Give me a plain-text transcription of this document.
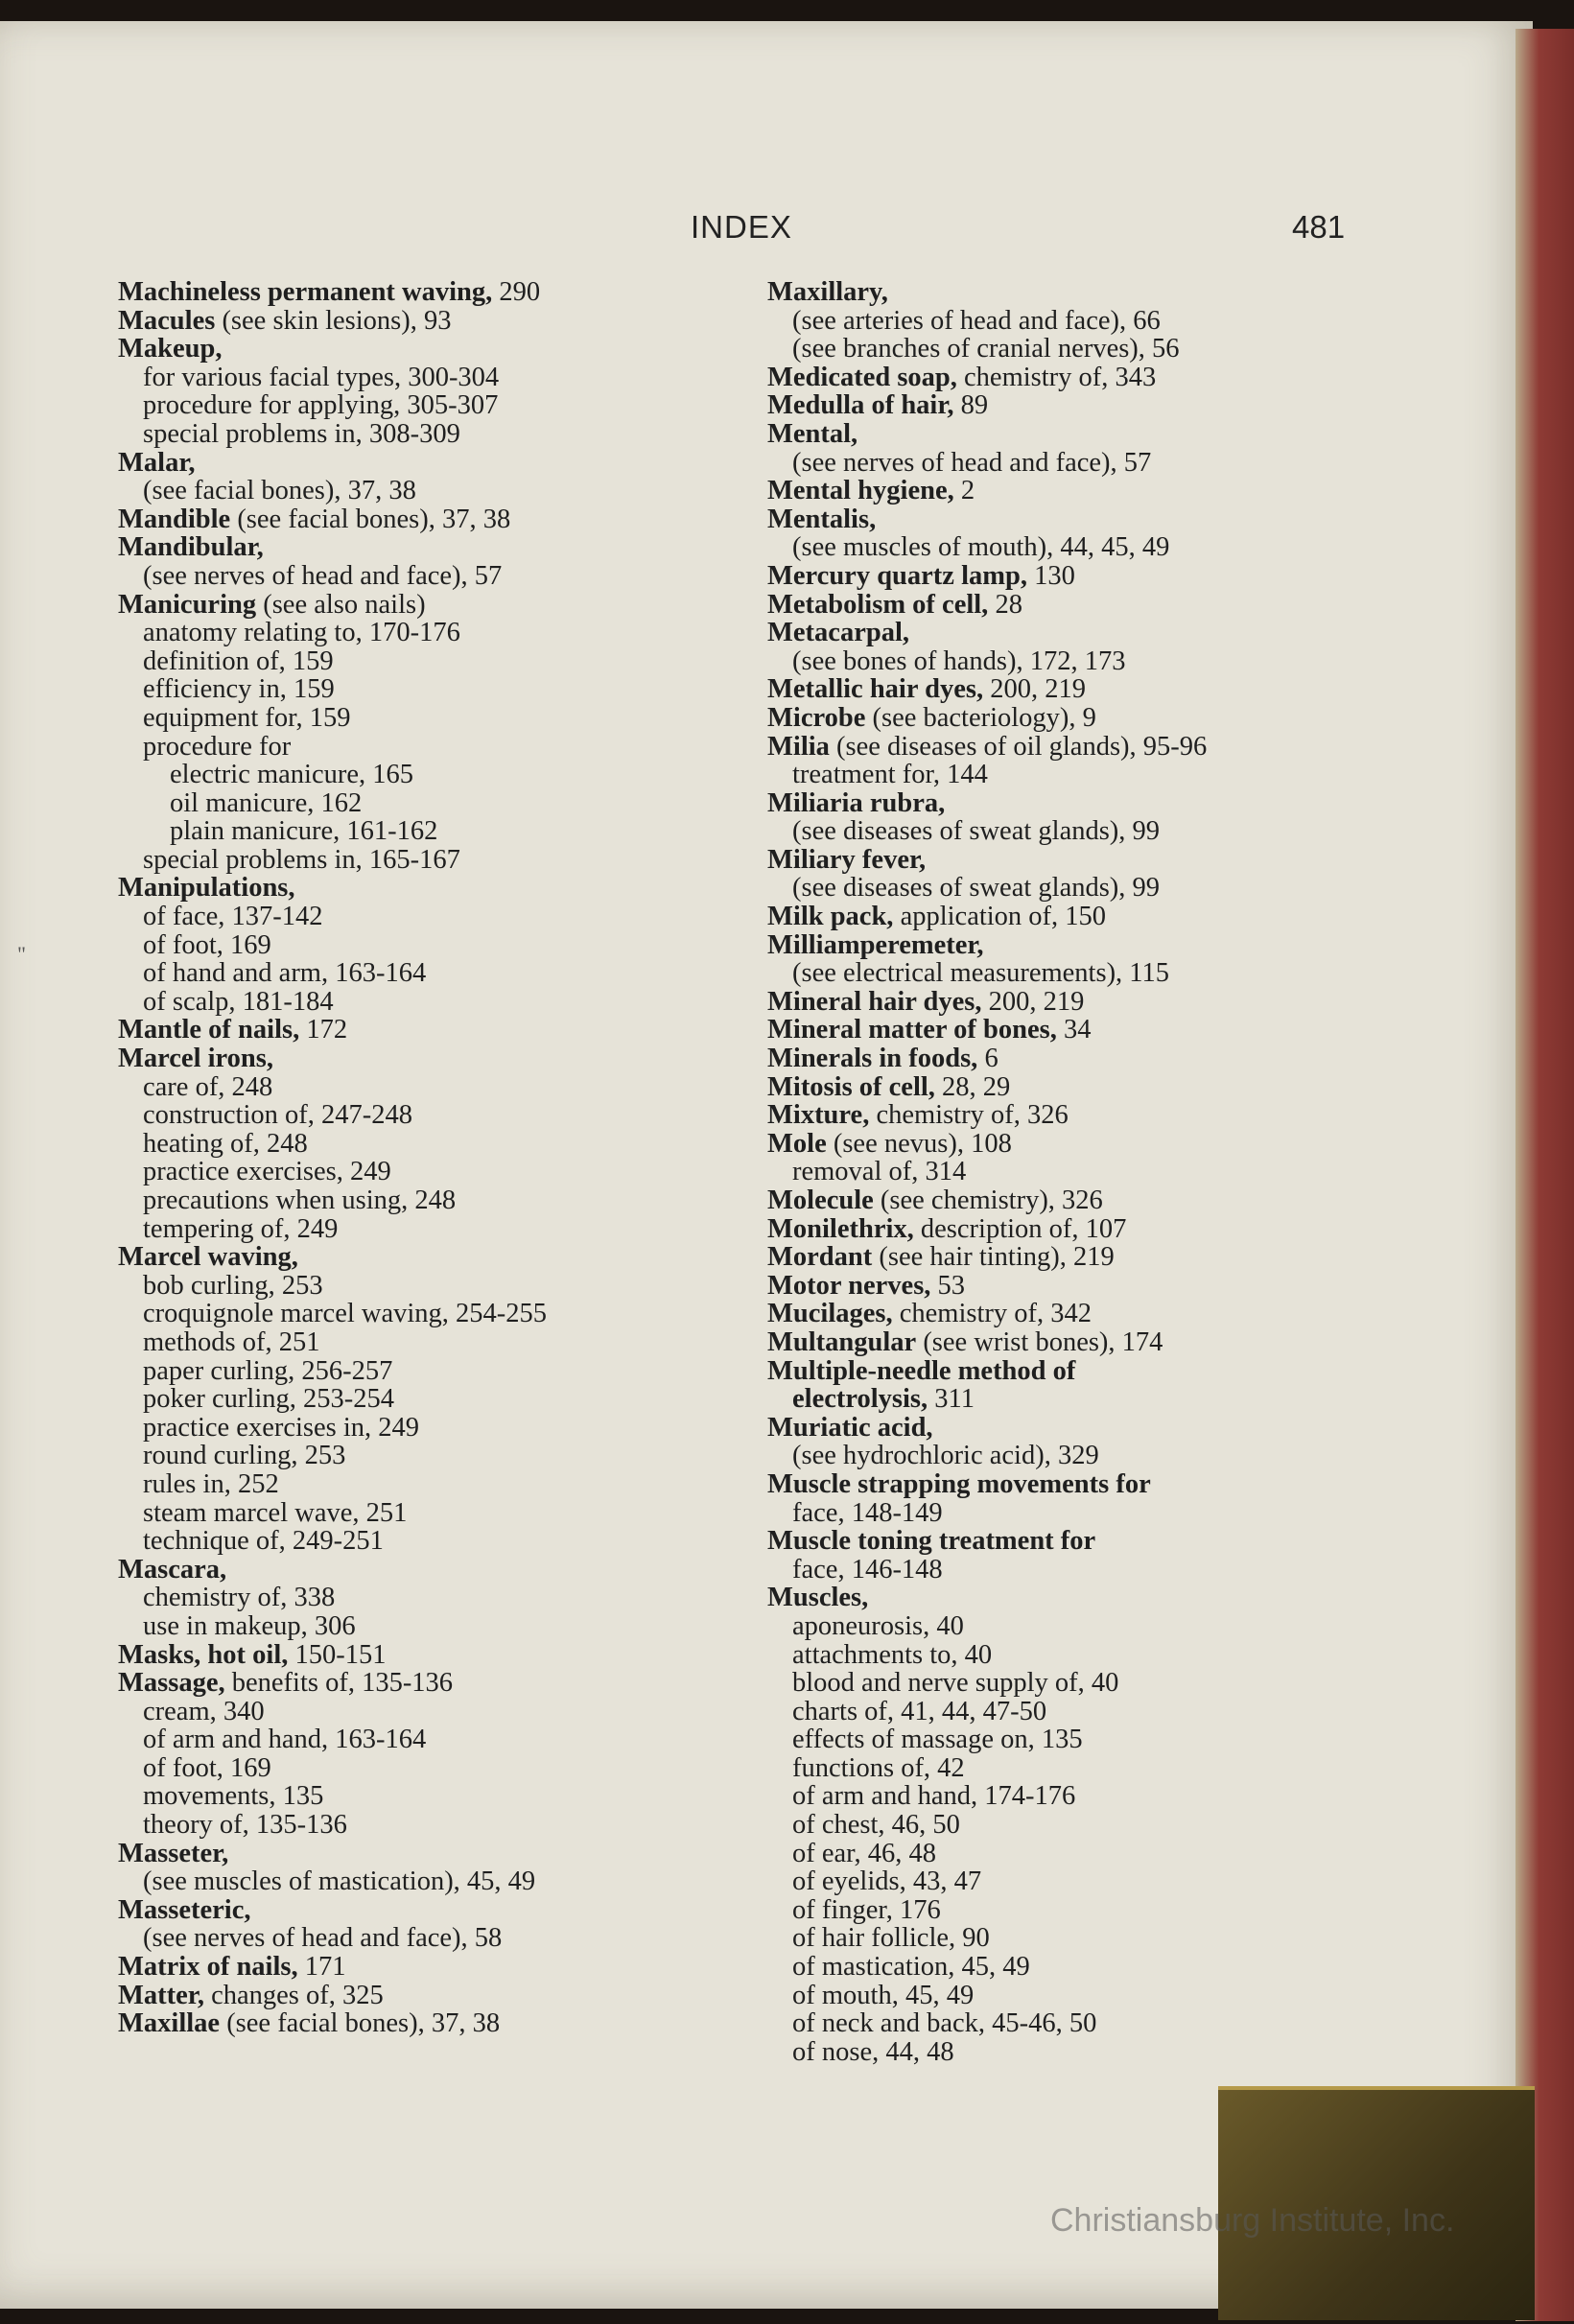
INDEX	481
"
Machineless permanent waving, 290
Macules (see skin lesions), 93
Makeup,
for various facial types, 300-304
procedure for applying, 305-307
special problems in, 308-309
Malar,
(see facial bones), 37, 38
Mandible (see facial bones), 37, 38
Mandibular,
(see nerves of head and face), 57
Manicuring (see also nails)
anatomy relating to, 170-176
definition of, 159
efficiency in, 159
equipment for, 159
procedure for
electric manicure, 165
oil manicure, 162
plain manicure, 161-162
special problems in, 165-167
Manipulations,
of face, 137-142
of foot, 169
of hand and arm, 163-164
of scalp, 181-184
Mantle of nails, 172
Marcel irons,
care of, 248
construction of, 247-248
heating of, 248
practice exercises, 249
precautions when using, 248
tempering of, 249
Marcel waving,
bob curling, 253
croquignole marcel waving, 254-255
methods of, 251
paper curling, 256-257
poker curling, 253-254
practice exercises in, 249
round curling, 253
rules in, 252
steam marcel wave, 251
technique of, 249-251
Mascara,
chemistry of, 338
use in makeup, 306
Masks, hot oil, 150-151
Massage, benefits of, 135-136
cream, 340
of arm and hand, 163-164
of foot, 169
movements, 135
theory of, 135-136
Masseter,
(see muscles of mastication), 45, 49
Masseteric,
(see nerves of head and face), 58
Matrix of nails, 171
Matter, changes of, 325
Maxillae (see facial bones), 37, 38
Maxillary,
(see arteries of head and face), 66
(see branches of cranial nerves), 56
Medicated soap, chemistry of, 343
Medulla of hair, 89
Mental,
(see nerves of head and face), 57
Mental hygiene, 2
Mentalis,
(see muscles of mouth), 44, 45, 49
Mercury quartz lamp, 130
Metabolism of cell, 28
Metacarpal,
(see bones of hands), 172, 173
Metallic hair dyes, 200, 219
Microbe (see bacteriology), 9
Milia (see diseases of oil glands), 95-96
treatment for, 144
Miliaria rubra,
(see diseases of sweat glands), 99
Miliary fever,
(see diseases of sweat glands), 99
Milk pack, application of, 150
Milliamperemeter,
(see electrical measurements), 115
Mineral hair dyes, 200, 219
Mineral matter of bones, 34
Minerals in foods, 6
Mitosis of cell, 28, 29
Mixture, chemistry of, 326
Mole (see nevus), 108
removal of, 314
Molecule (see chemistry), 326
Monilethrix, description of, 107
Mordant (see hair tinting), 219
Motor nerves, 53
Mucilages, chemistry of, 342
Multangular (see wrist bones), 174
Multiple-needle method of
electrolysis, 311
Muriatic acid,
(see hydrochloric acid), 329
Muscle strapping movements for
face, 148-149
Muscle toning treatment for
face, 146-148
Muscles,
aponeurosis, 40
attachments to, 40
blood and nerve supply of, 40
charts of, 41, 44, 47-50
effects of massage on, 135
functions of, 42
of arm and hand, 174-176
of chest, 46, 50
of ear, 46, 48
of eyelids, 43, 47
of finger, 176
of hair follicle, 90
of mastication, 45, 49
of mouth, 45, 49
of neck and back, 45-46, 50
of nose, 44, 48
Christiansburg Institute, Inc.
